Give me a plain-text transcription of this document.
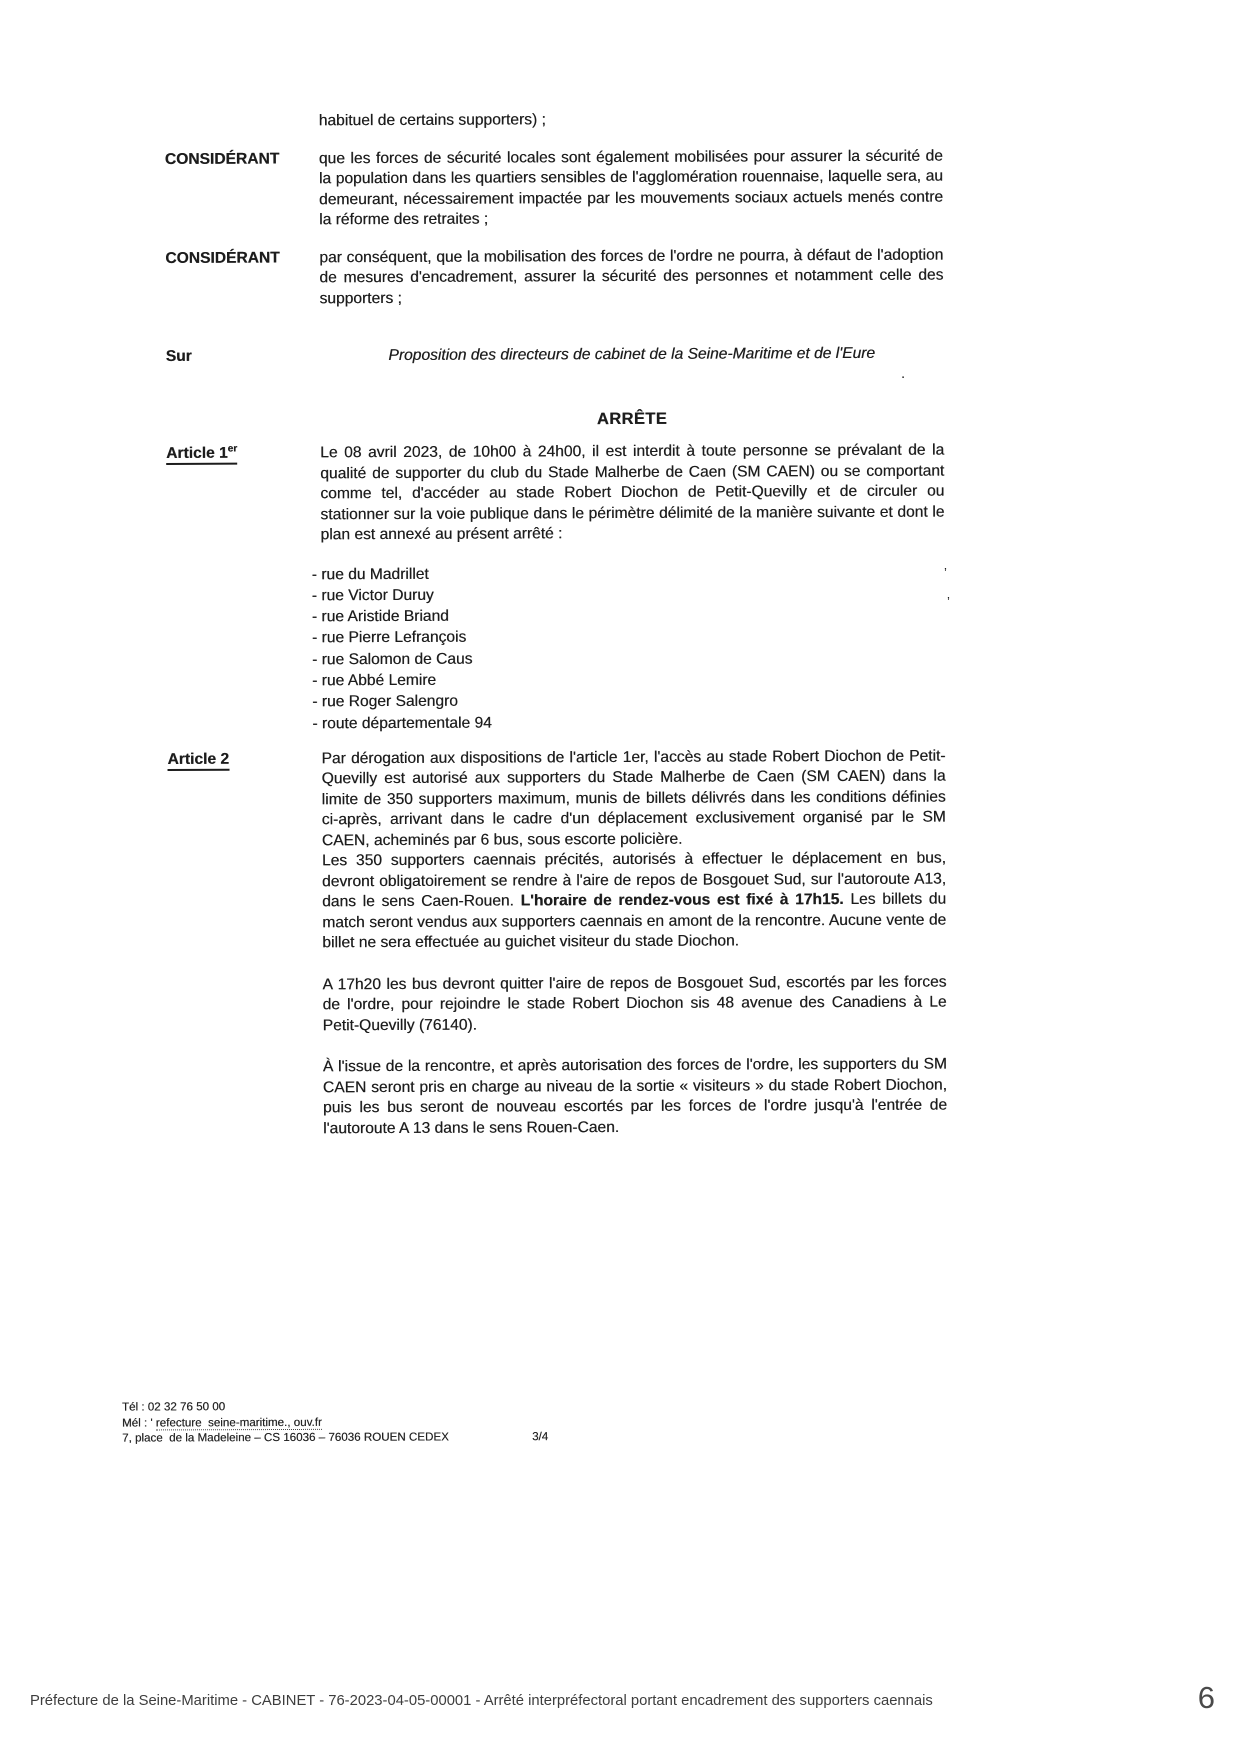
habituel de certains supporters) ;

CONSIDÉRANT	que les forces de sécurité locales sont également mobilisées pour assurer la sécurité de la population dans les quartiers sensibles de l'agglomération rouennaise, laquelle sera, au demeurant, nécessairement impactée par les mouvements sociaux actuels menés contre la réforme des retraites ;

CONSIDÉRANT	par conséquent, que la mobilisation des forces de l'ordre ne pourra, à défaut de l'adoption de mesures d'encadrement, assurer la sécurité des personnes et notamment celle des supporters ;

Sur	Proposition des directeurs de cabinet de la Seine-Maritime et de l'Eure

ARRÊTE

Article 1er	Le 08 avril 2023, de 10h00 à 24h00, il est interdit à toute personne se prévalant de la qualité de supporter du club du Stade Malherbe de Caen (SM CAEN) ou se comportant comme tel, d'accéder au stade Robert Diochon de Petit-Quevilly et de circuler ou stationner sur la voie publique dans le périmètre délimité de la manière suivante et dont le plan est annexé au présent arrêté :

- rue du Madrillet
- rue Victor Duruy
- rue Aristide Briand
- rue Pierre Lefrançois
- rue Salomon de Caus
- rue Abbé Lemire
- rue Roger Salengro
- route départementale 94
Article 2	Par dérogation aux dispositions de l'article 1er, l'accès au stade Robert Diochon de Petit-Quevilly est autorisé aux supporters du Stade Malherbe de Caen (SM CAEN) dans la limite de 350 supporters maximum, munis de billets délivrés dans les conditions définies ci-après, arrivant dans le cadre d'un déplacement exclusivement organisé par le SM CAEN, acheminés par 6 bus, sous escorte policière.

Les 350 supporters caennais précités, autorisés à effectuer le déplacement en bus, devront obligatoirement se rendre à l'aire de repos de Bosgouet Sud, sur l'autoroute A13, dans le sens Caen-Rouen. L'horaire de rendez-vous est fixé à 17h15. Les billets du match seront vendus aux supporters caennais en amont de la rencontre. Aucune vente de billet ne sera effectuée au guichet visiteur du stade Diochon.

A 17h20 les bus devront quitter l'aire de repos de Bosgouet Sud, escortés par les forces de l'ordre, pour rejoindre le stade Robert Diochon sis 48 avenue des Canadiens à Le Petit-Quevilly (76140).

À l'issue de la rencontre, et après autorisation des forces de l'ordre, les supporters du SM CAEN seront pris en charge au niveau de la sortie « visiteurs » du stade Robert Diochon, puis les bus seront de nouveau escortés par les forces de l'ordre jusqu'à l'entrée de l'autoroute A 13 dans le sens Rouen-Caen.

Tél : 02 32 76 50 00
Mél : ' refecture  seine-maritime., ouv.fr
7, place  de la Madeleine – CS 16036 – 76036 ROUEN CEDEX	3/4
’
’
.
Préfecture de la Seine-Maritime - CABINET - 76-2023-04-05-00001 - Arrêté interpréfectoral portant encadrement des supporters caennais	6
